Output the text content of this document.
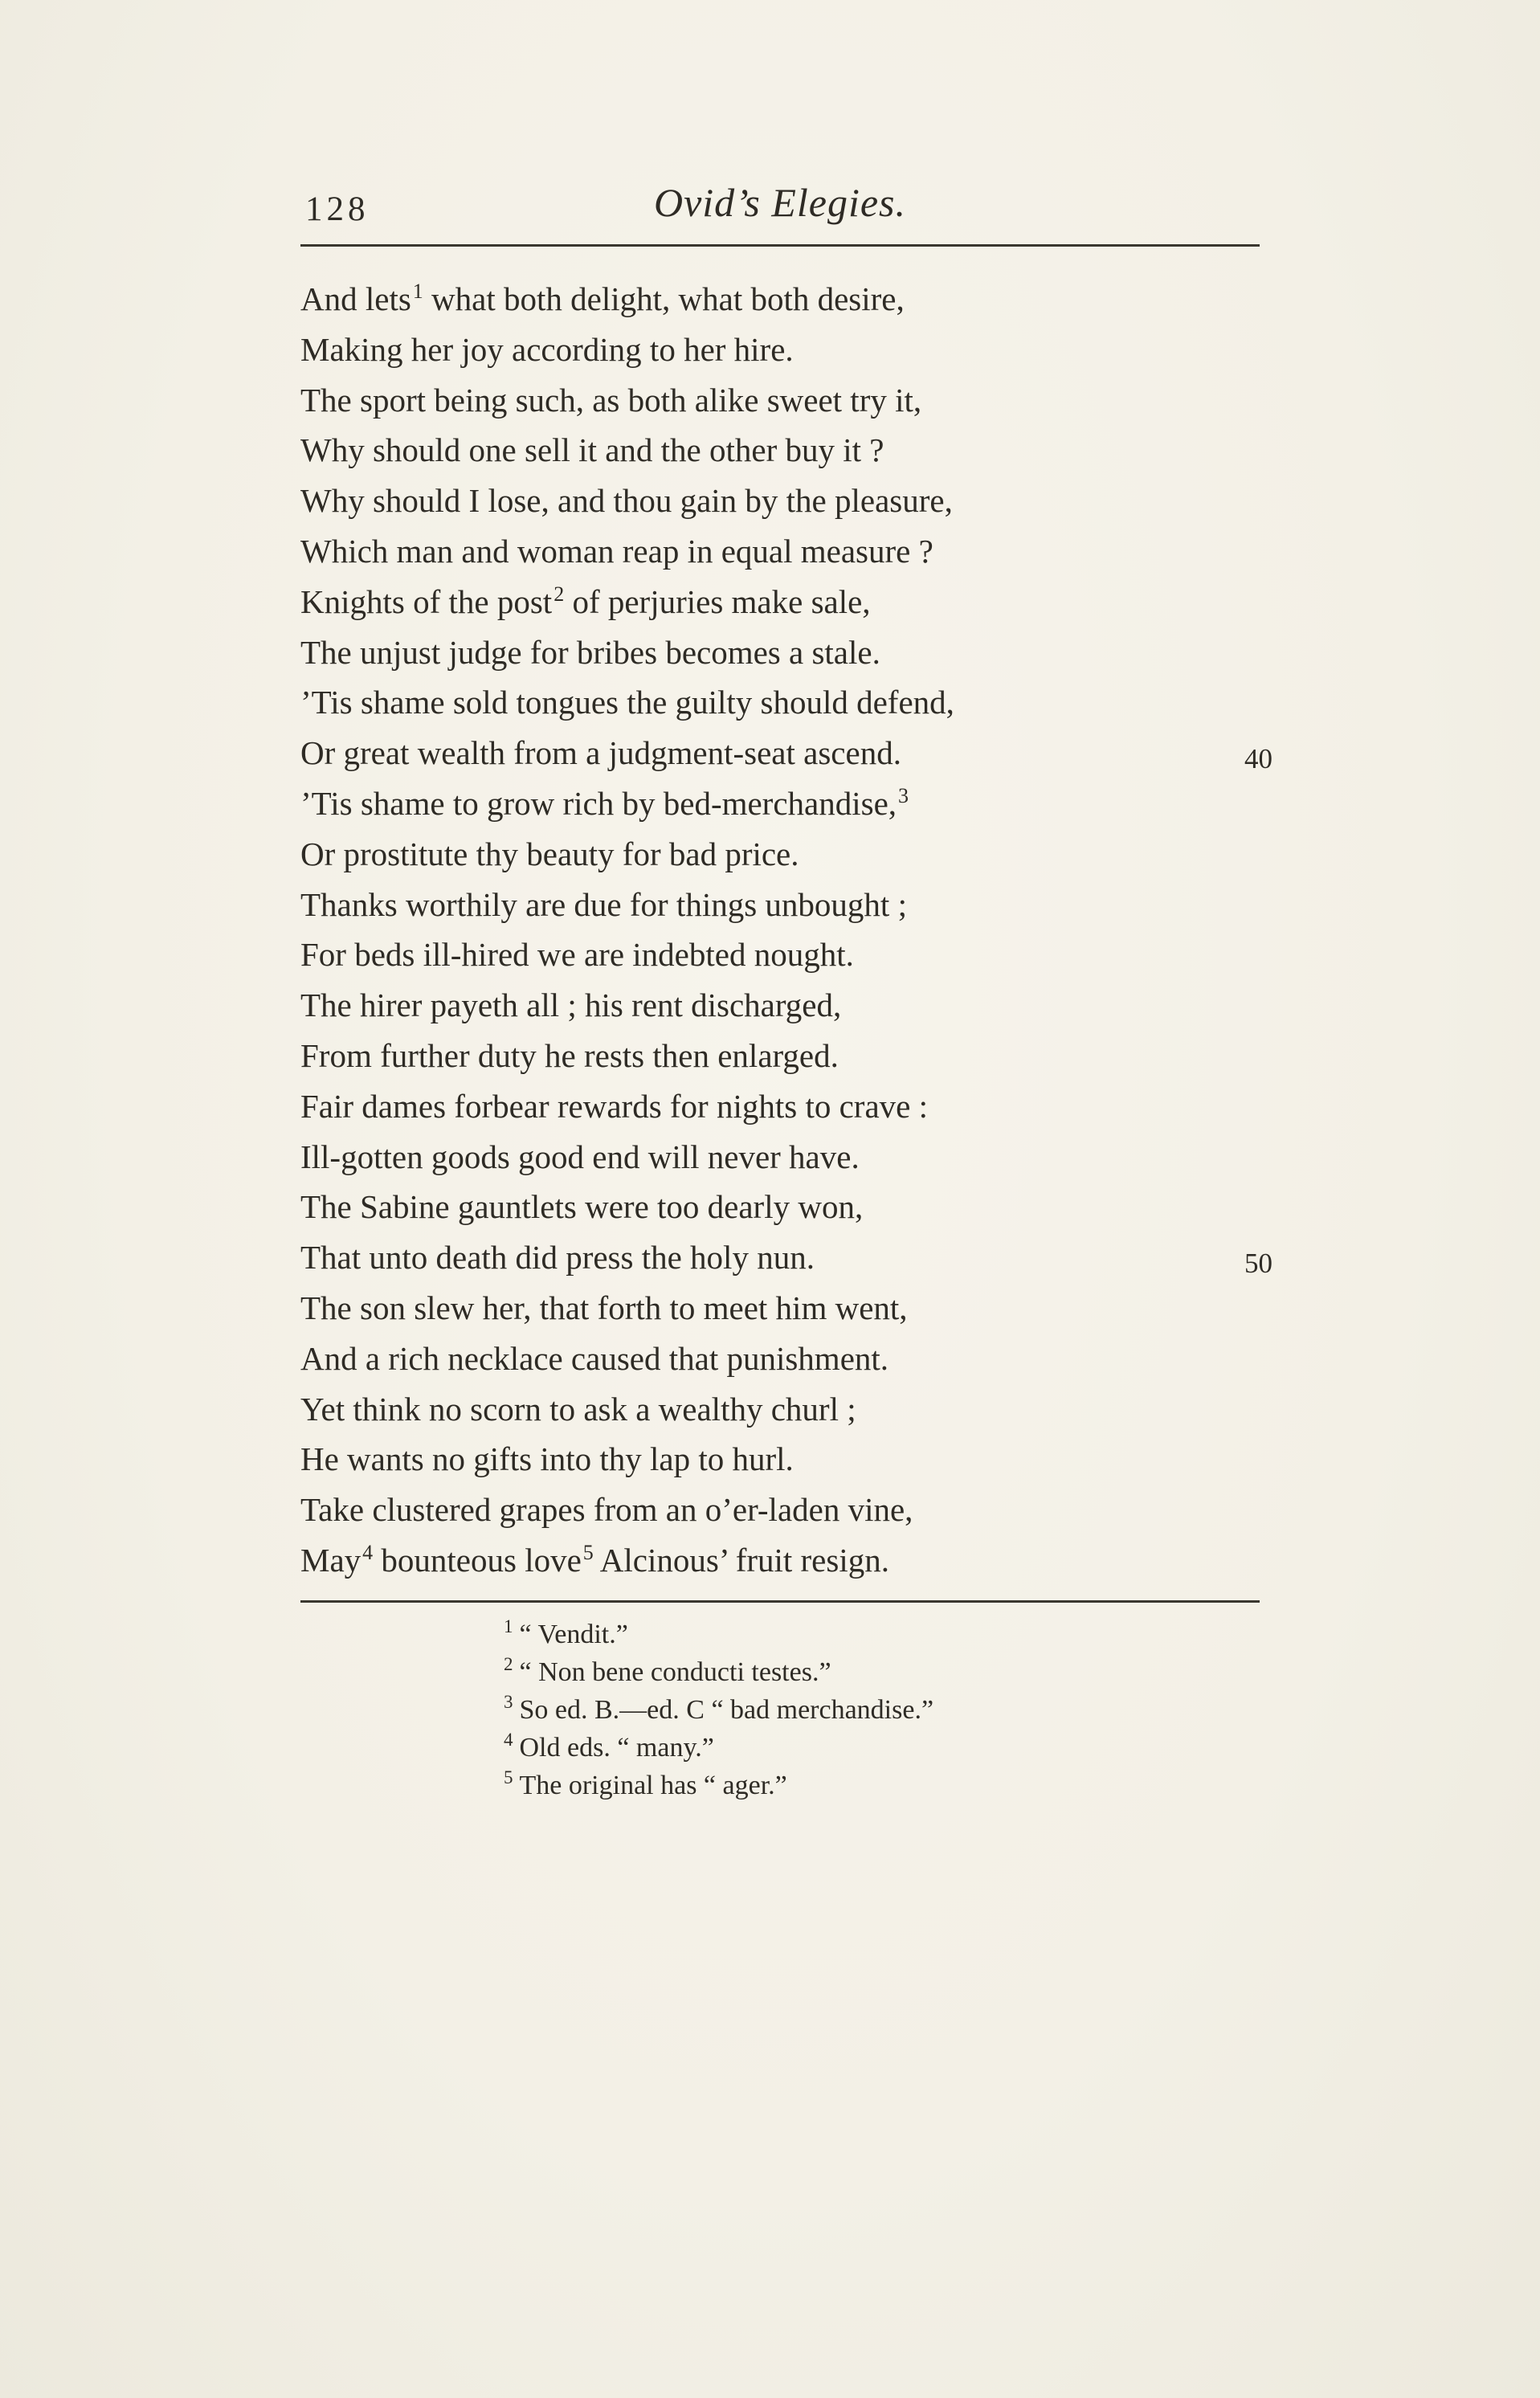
128	Ovid’s Elegies.
And lets$^1$ what both delight, what both desire,
Making her joy according to her hire.
The sport being such, as both alike sweet try it,
Why should one sell it and the other buy it ?
Why should I lose, and thou gain by the pleasure,
Which man and woman reap in equal measure ?
Knights of the post$^2$ of perjuries make sale,
The unjust judge for bribes becomes a stale.
’Tis shame sold tongues the guilty should defend,
Or great wealth from a judgment-seat ascend.	40
’Tis shame to grow rich by bed-merchandise,$^3$
Or prostitute thy beauty for bad price.
Thanks worthily are due for things unbought ;
For beds ill-hired we are indebted nought.
The hirer payeth all ; his rent discharged,
From further duty he rests then enlarged.
Fair dames forbear rewards for nights to crave :
Ill-gotten goods good end will never have.
The Sabine gauntlets were too dearly won,
That unto death did press the holy nun.	50
The son slew her, that forth to meet him went,
And a rich necklace caused that punishment.
Yet think no scorn to ask a wealthy churl ;
He wants no gifts into thy lap to hurl.
Take clustered grapes from an o’er-laden vine,
May$^4$ bounteous love$^5$ Alcinous’ fruit resign.
$^1$ “ Vendit.”
$^2$ “ Non bene conducti testes.”
$^3$ So ed. B.—ed. C “ bad merchandise.”
$^4$ Old eds. “ many.”
$^5$ The original has “ ager.”
